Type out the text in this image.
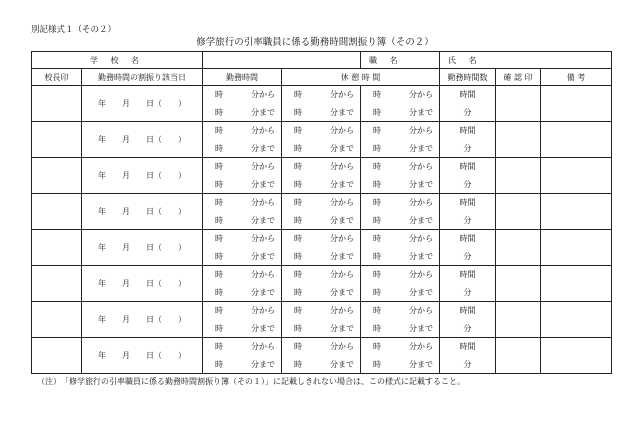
別記様式１（その２）
修学旅行の引率職員に係る勤務時間割振り簿（その２）
学 校 名				職 名	氏 名		
校長印	勤務時間の割振り該当日	勤務時間	休 憩 時 間		勤務時間数	確 認 印	備 考
	年　　月　　日（　　）	時 分から	時 分から	時 分から	時間		

		時 分まで	時 分まで	時 分まで	分		
	年　　月　　日（　　）	時 分から	時 分から	時 分から	時間		

		時 分まで	時 分まで	時 分まで	分		
	年　　月　　日（　　）	時 分から	時 分から	時 分から	時間		

		時 分まで	時 分まで	時 分まで	分		
	年　　月　　日（　　）	時 分から	時 分から	時 分から	時間		

		時 分まで	時 分まで	時 分まで	分		
	年　　月　　日（　　）	時 分から	時 分から	時 分から	時間		

		時 分まで	時 分まで	時 分まで	分		
	年　　月　　日（　　）	時 分から	時 分から	時 分から	時間		

		時 分まで	時 分まで	時 分まで	分		
	年　　月　　日（　　）	時 分から	時 分から	時 分から	時間		

		時 分まで	時 分まで	時 分まで	分		
	年　　月　　日（　　）	時 分から	時 分から	時 分から	時間		

		時 分まで	時 分まで	時 分まで	分		
（注）　「修学旅行の引率職員に係る勤務時間割振り簿（その１）」に記載しきれない場合は、この様式に記載すること。
